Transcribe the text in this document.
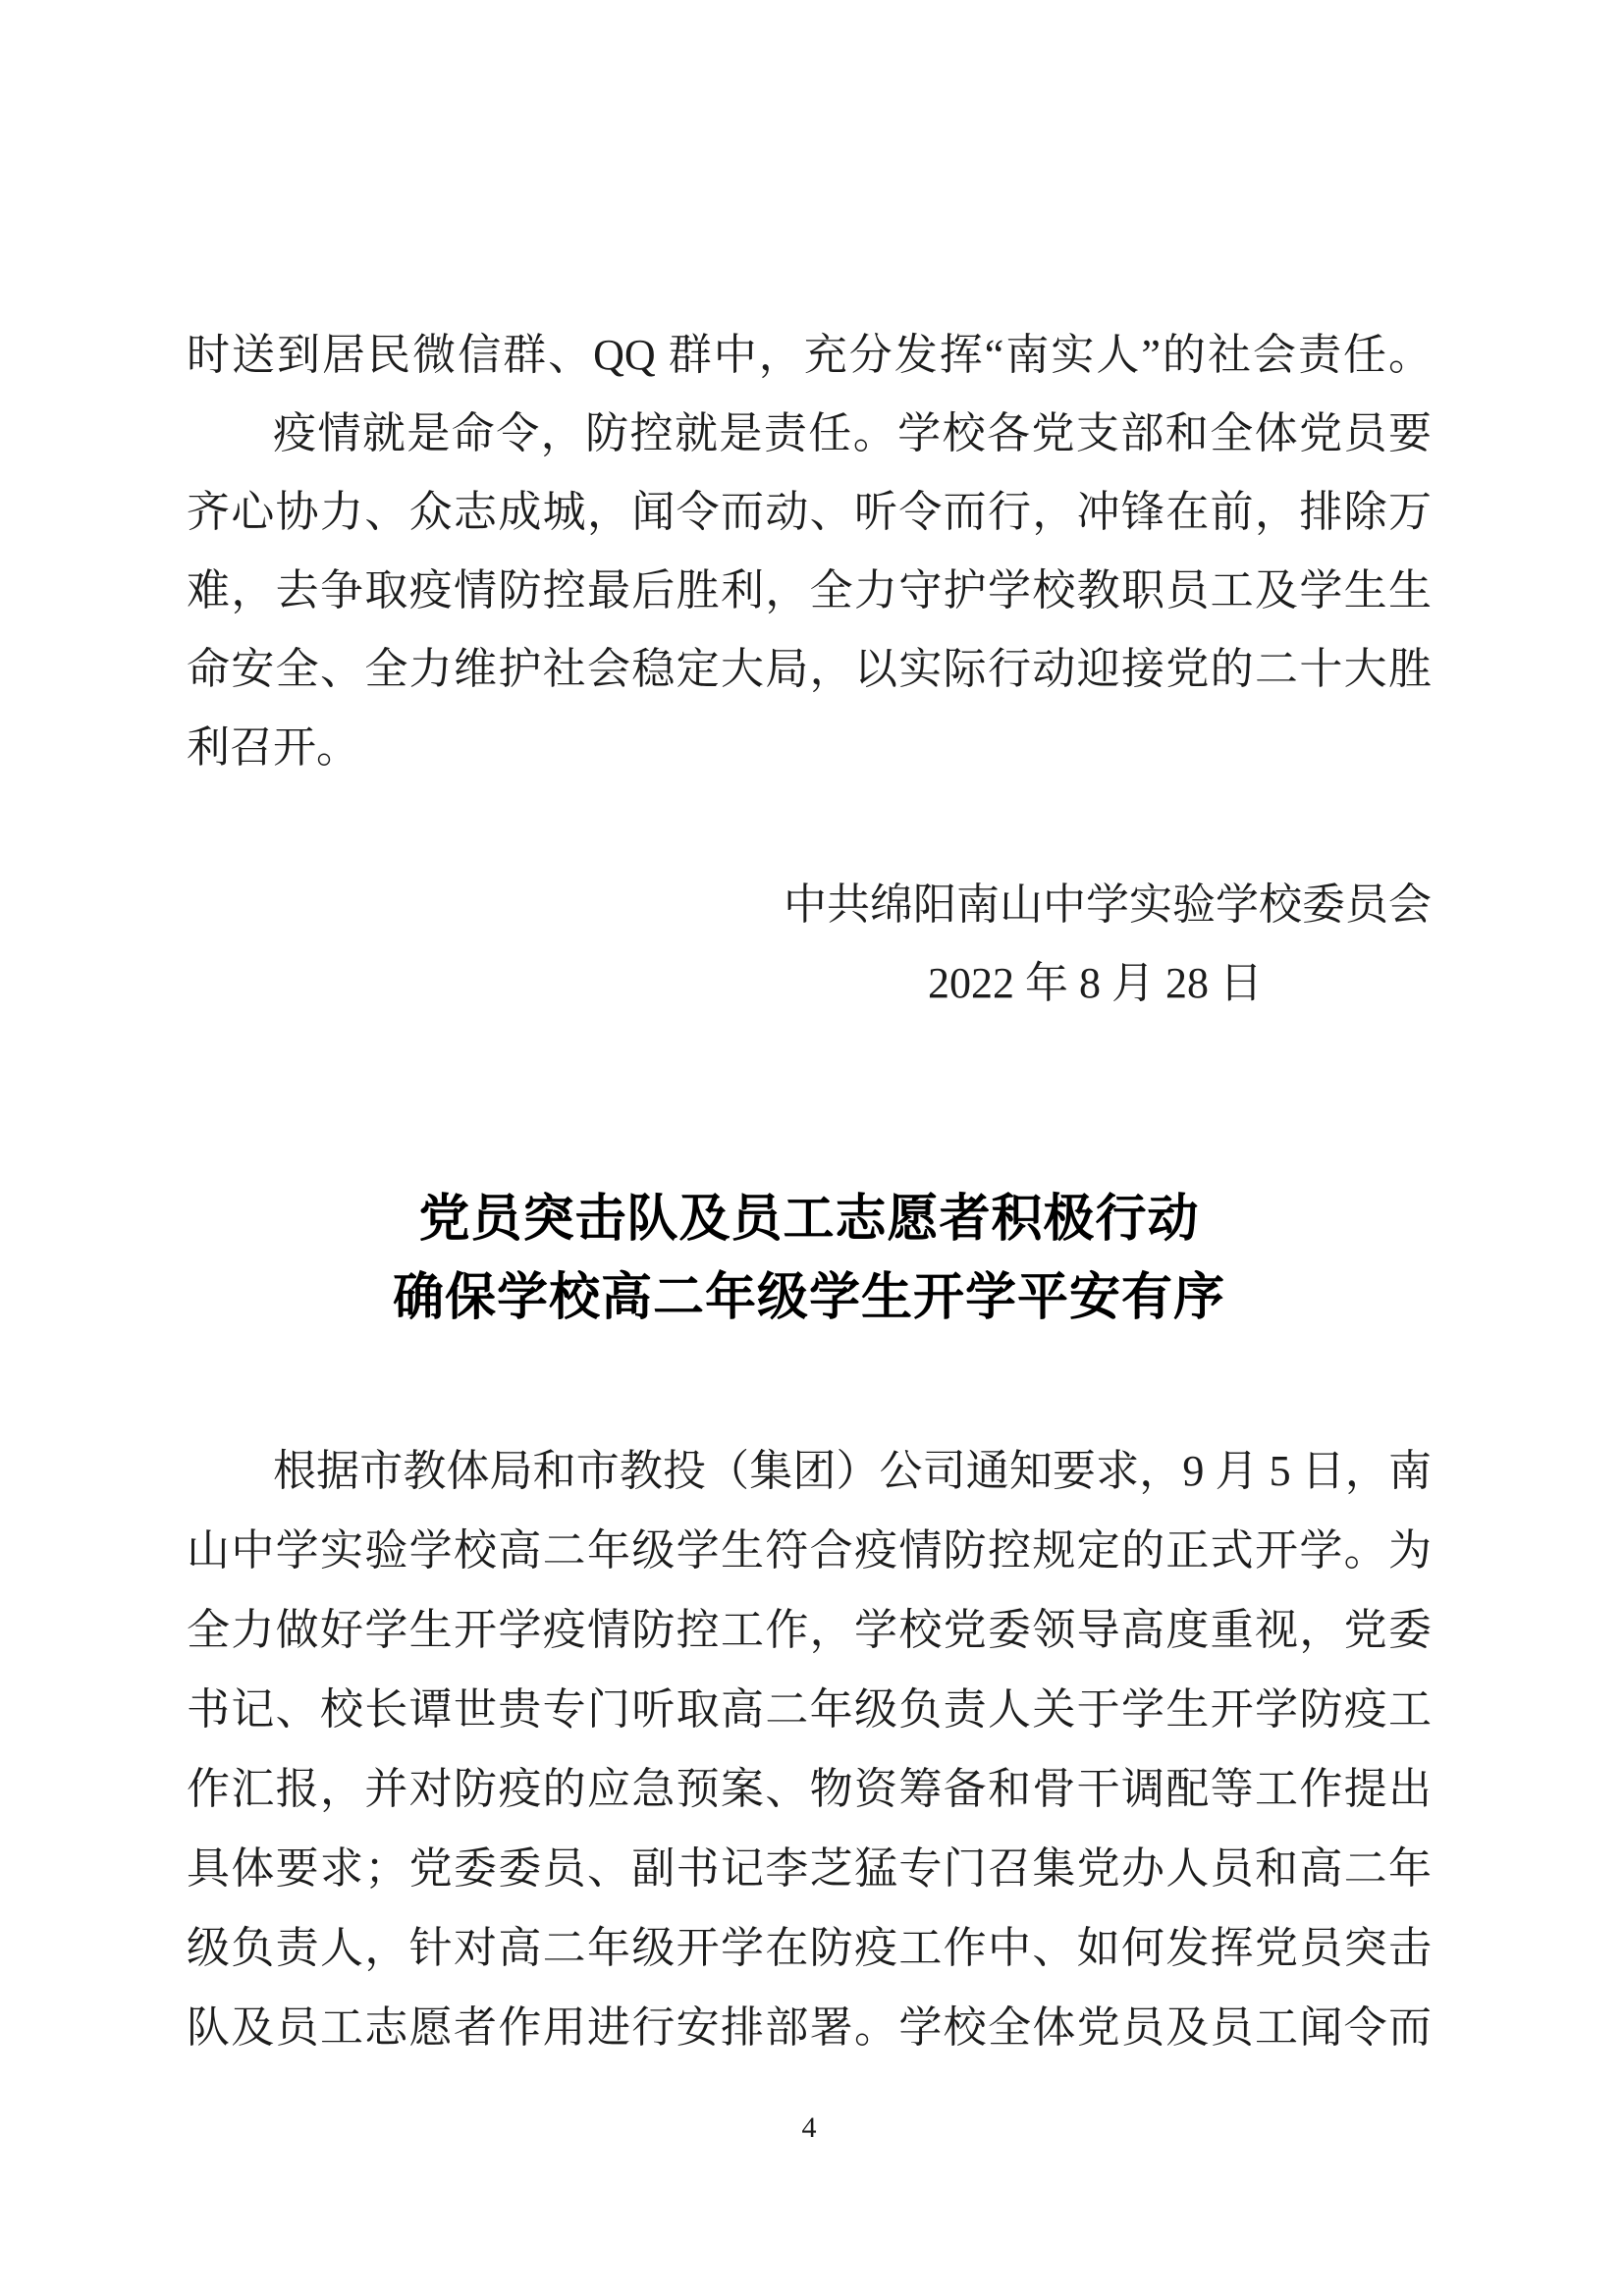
时送到居民微信群、QQ 群中，充分发挥“南实人”的社会责任。
疫情就是命令，防控就是责任。学校各党支部和全体党员要
齐心协力、众志成城，闻令而动、听令而行，冲锋在前，排除万
难，去争取疫情防控最后胜利，全力守护学校教职员工及学生生
命安全、全力维护社会稳定大局，以实际行动迎接党的二十大胜
利召开。
中共绵阳南山中学实验学校委员会
2022 年 8 月 28 日
党员突击队及员工志愿者积极行动
确保学校高二年级学生开学平安有序
根据市教体局和市教投（集团）公司通知要求，9 月 5 日，南
山中学实验学校高二年级学生符合疫情防控规定的正式开学。为
全力做好学生开学疫情防控工作，学校党委领导高度重视，党委
书记、校长谭世贵专门听取高二年级负责人关于学生开学防疫工
作汇报，并对防疫的应急预案、物资筹备和骨干调配等工作提出
具体要求；党委委员、副书记李芝猛专门召集党办人员和高二年
级负责人，针对高二年级开学在防疫工作中、如何发挥党员突击
队及员工志愿者作用进行安排部署。学校全体党员及员工闻令而
4
